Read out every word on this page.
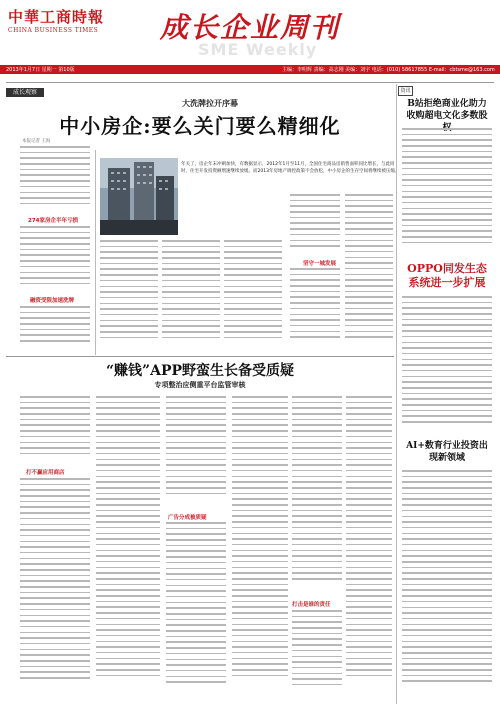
中華工商時報
CHINA BUSINESS TIMES 成长企业周刊
SME Weekly
2013年1月7日 星期一 第10版	主编：李明辉 责编：高志刚 美编：刘宇 电话：(010) 58617855 E-mail：cbtsme@163.com
成长观察
大洗牌拉开序幕
中小房企:要么关门要么精细化
本报记者 王海
274家房企半年亏损
融资受限加速洗牌
坚守一城发展
年关了，房企年末冲刺加快，有数据显示，2012年1月至11月，全国住宅商品房销售面积同比增长，与此同时，住宅开发投资额增速继续放缓。而2013年房地产调控政策不会放松，中小房企的生存空间将继续被压缩。
“赚钱”APP野蛮生长备受质疑
专项整治应侧重平台监管审核
打不赢应用商店
广告分成被质疑
打击是谁的责任
资讯
B站拒绝商业化助力收购超电文化多数股
OPPO同发生态系统进一步扩展
AI+数育行业投资出现新领域
